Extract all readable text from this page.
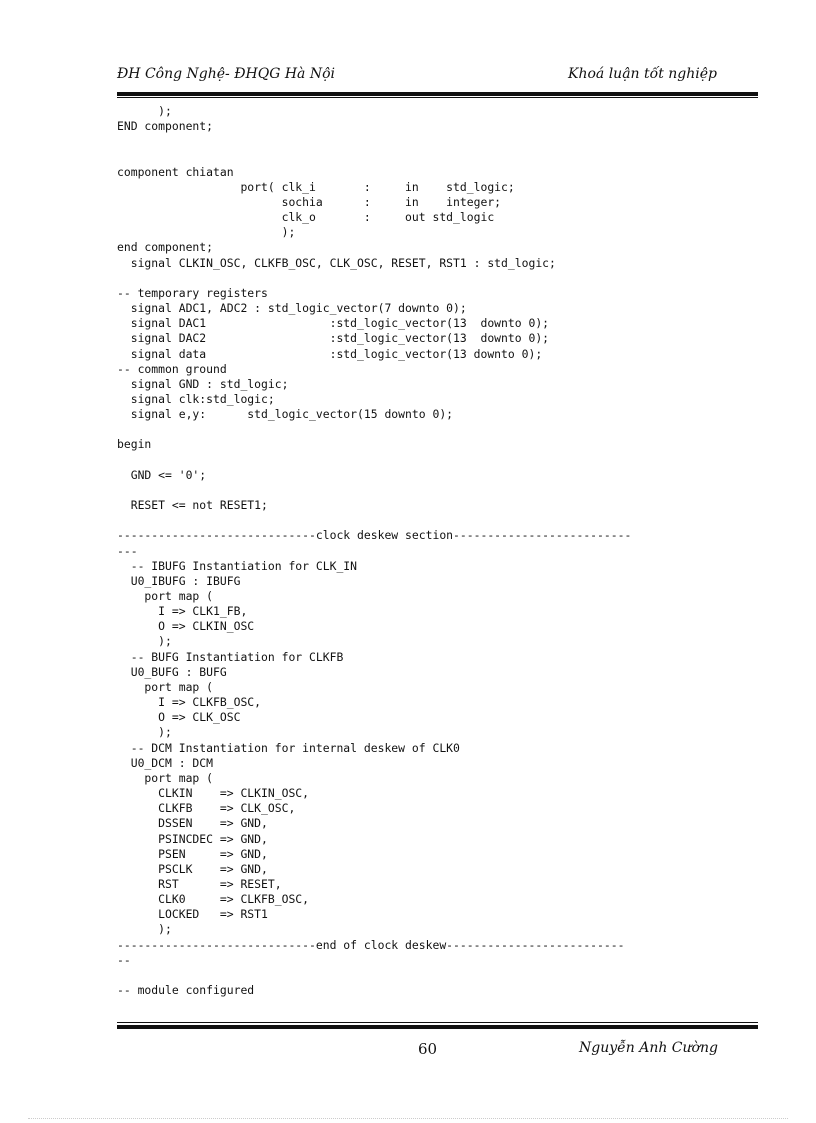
ĐH Công Nghệ- ĐHQG Hà Nội	Khoá luận tốt nghiệp
);
END component;

component chiatan
port( clk_i       :     in    std_logic;
sochia      :     in    integer;
clk_o       :     out std_logic
);
end component;
signal CLKIN_OSC, CLKFB_OSC, CLK_OSC, RESET, RST1 : std_logic;

-- temporary registers
signal ADC1, ADC2 : std_logic_vector(7 downto 0);
signal DAC1                  :std_logic_vector(13  downto 0);
signal DAC2                  :std_logic_vector(13  downto 0);
signal data                  :std_logic_vector(13 downto 0);
-- common ground
signal GND : std_logic;
signal clk:std_logic;
signal e,y:      std_logic_vector(15 downto 0);

begin

GND <= '0';

RESET <= not RESET1;

-----------------------------clock deskew section--------------------------
---
-- IBUFG Instantiation for CLK_IN
U0_IBUFG : IBUFG
port map (
I => CLK1_FB,
O => CLKIN_OSC
);
-- BUFG Instantiation for CLKFB
U0_BUFG : BUFG
port map (
I => CLKFB_OSC,
O => CLK_OSC
);
-- DCM Instantiation for internal deskew of CLK0
U0_DCM : DCM
port map (
CLKIN    => CLKIN_OSC,
CLKFB    => CLK_OSC,
DSSEN    => GND,
PSINCDEC => GND,
PSEN     => GND,
PSCLK    => GND,
RST      => RESET,
CLK0     => CLKFB_OSC,
LOCKED   => RST1
);
-----------------------------end of clock deskew--------------------------
--

-- module configured
60	Nguyễn Anh Cường
